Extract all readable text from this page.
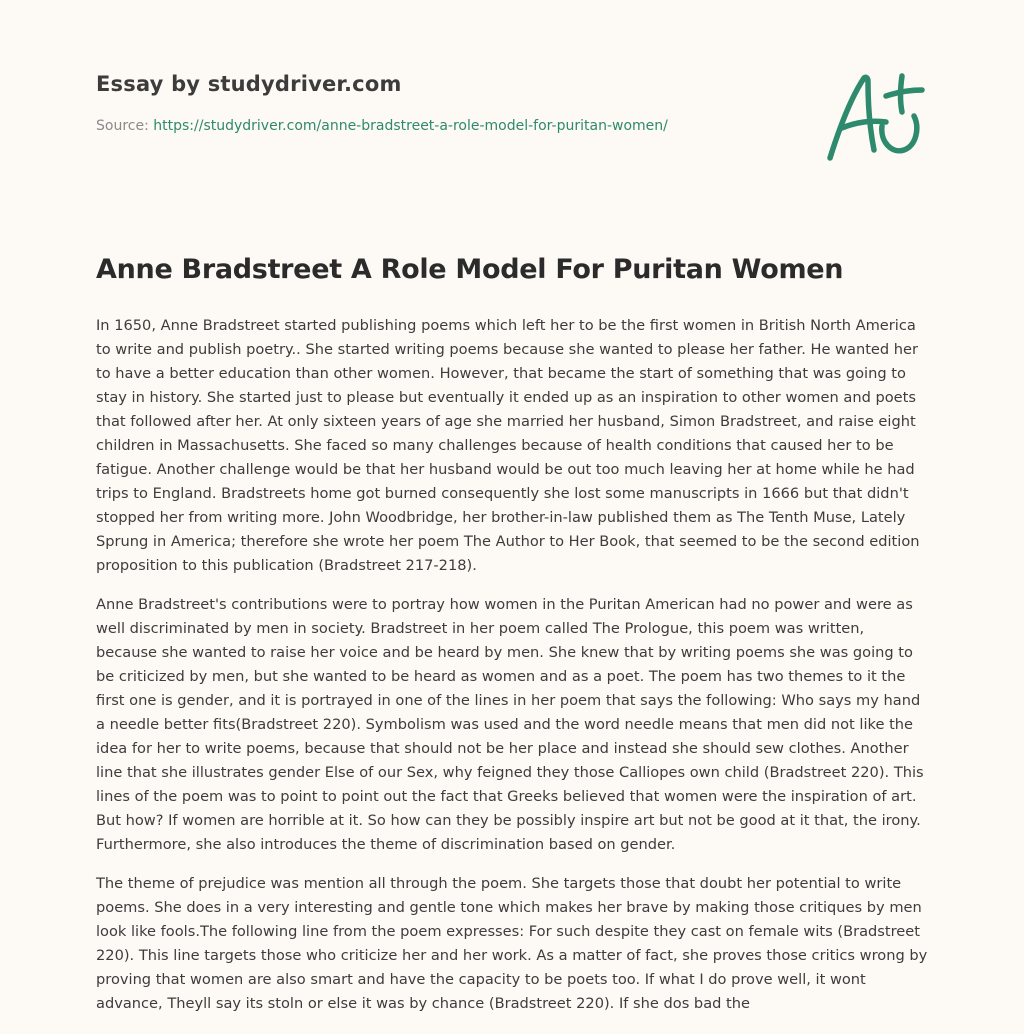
Essay by studydriver.com
Source: https://studydriver.com/anne-bradstreet-a-role-model-for-puritan-women/
Anne Bradstreet A Role Model For Puritan Women

In 1650, Anne Bradstreet started publishing poems which left her to be the first women in British North America to write and publish poetry.. She started writing poems because she wanted to please her father. He wanted her to have a better education than other women. However, that became the start of something that was going to stay in history. She started just to please but eventually it ended up as an inspiration to other women and poets that followed after her. At only sixteen years of age she married her husband, Simon Bradstreet, and raise eight children in Massachusetts. She faced so many challenges because of health conditions that caused her to be fatigue. Another challenge would be that her husband would be out too much leaving her at home while he had trips to England. Bradstreets home got burned consequently she lost some manuscripts in 1666 but that didn't stopped her from writing more. John Woodbridge, her brother-in-law published them as The Tenth Muse, Lately Sprung in America; therefore she wrote her poem The Author to Her Book, that seemed to be the second edition proposition to this publication (Bradstreet 217-218).

Anne Bradstreet's contributions were to portray how women in the Puritan American had no power and were as well discriminated by men in society. Bradstreet in her poem called The Prologue, this poem was written, because she wanted to raise her voice and be heard by men. She knew that by writing poems she was going to be criticized by men, but she wanted to be heard as women and as a poet. The poem has two themes to it the first one is gender, and it is portrayed in one of the lines in her poem that says the following: Who says my hand a needle better fits(Bradstreet 220). Symbolism was used and the word needle means that men did not like the idea for her to write poems, because that should not be her place and instead she should sew clothes. Another line that she illustrates gender Else of our Sex, why feigned they those Calliopes own child (Bradstreet 220). This lines of the poem was to point to point out the fact that Greeks believed that women were the inspiration of art. But how? If women are horrible at it. So how can they be possibly inspire art but not be good at it that, the irony. Furthermore, she also introduces the theme of discrimination based on gender.

The theme of prejudice was mention all through the poem. She targets those that doubt her potential to write poems. She does in a very interesting and gentle tone which makes her brave by making those critiques by men look like fools.The following line from the poem expresses: For such despite they cast on female wits (Bradstreet 220). This line targets those who criticize her and her work. As a matter of fact, she proves those critics wrong by proving that women are also smart and have the capacity to be poets too. If what I do prove well, it wont advance, Theyll say its stoln or else it was by chance (Bradstreet 220). If she dos bad the
